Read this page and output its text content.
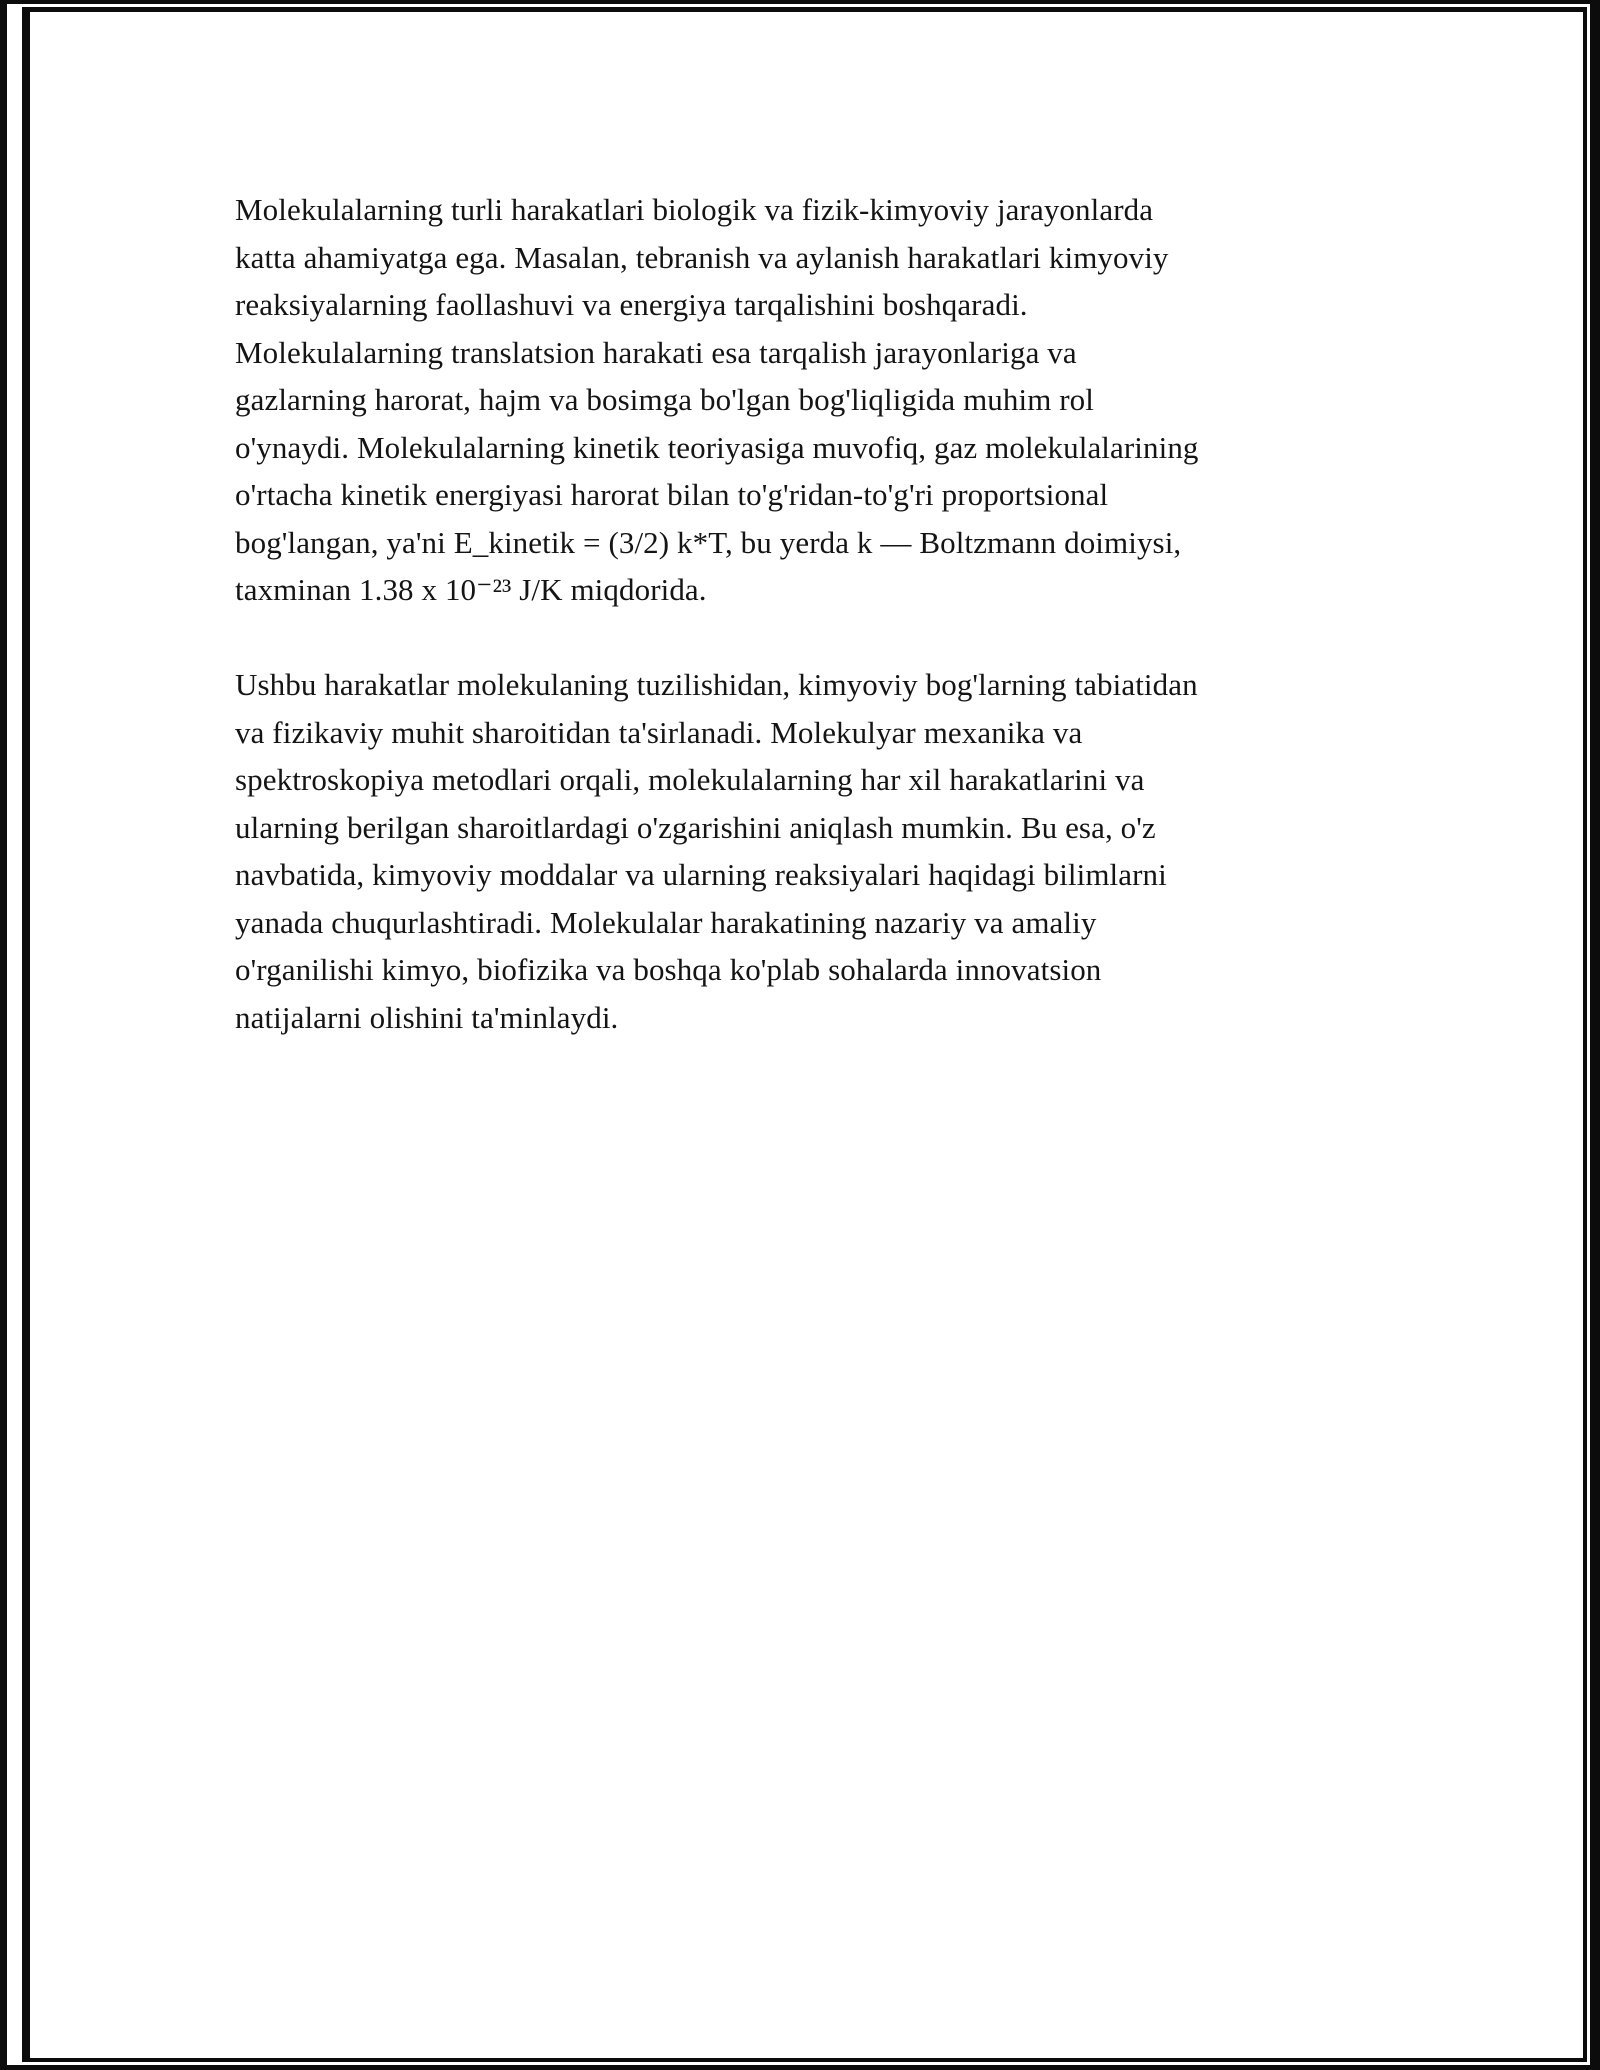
Molekulalarning turli harakatlari biologik va fizik-kimyoviy jarayonlarda
katta ahamiyatga ega. Masalan, tebranish va aylanish harakatlari kimyoviy
reaksiyalarning faollashuvi va energiya tarqalishini boshqaradi.
Molekulalarning translatsion harakati esa tarqalish jarayonlariga va
gazlarning harorat, hajm va bosimga bo'lgan bog'liqligida muhim rol
o'ynaydi. Molekulalarning kinetik teoriyasiga muvofiq, gaz molekulalarining
o'rtacha kinetik energiyasi harorat bilan to'g'ridan-to'g'ri proportsional
bog'langan, ya'ni E_kinetik = (3/2) k*T, bu yerda k — Boltzmann doimiysi,
taxminan 1.38 x 10⁻²³ J/K miqdorida.
Ushbu harakatlar molekulaning tuzilishidan, kimyoviy bog'larning tabiatidan
va fizikaviy muhit sharoitidan ta'sirlanadi. Molekulyar mexanika va
spektroskopiya metodlari orqali, molekulalarning har xil harakatlarini va
ularning berilgan sharoitlardagi o'zgarishini aniqlash mumkin. Bu esa, o'z
navbatida, kimyoviy moddalar va ularning reaksiyalari haqidagi bilimlarni
yanada chuqurlashtiradi. Molekulalar harakatining nazariy va amaliy
o'rganilishi kimyo, biofizika va boshqa ko'plab sohalarda innovatsion
natijalarni olishini ta'minlaydi.
